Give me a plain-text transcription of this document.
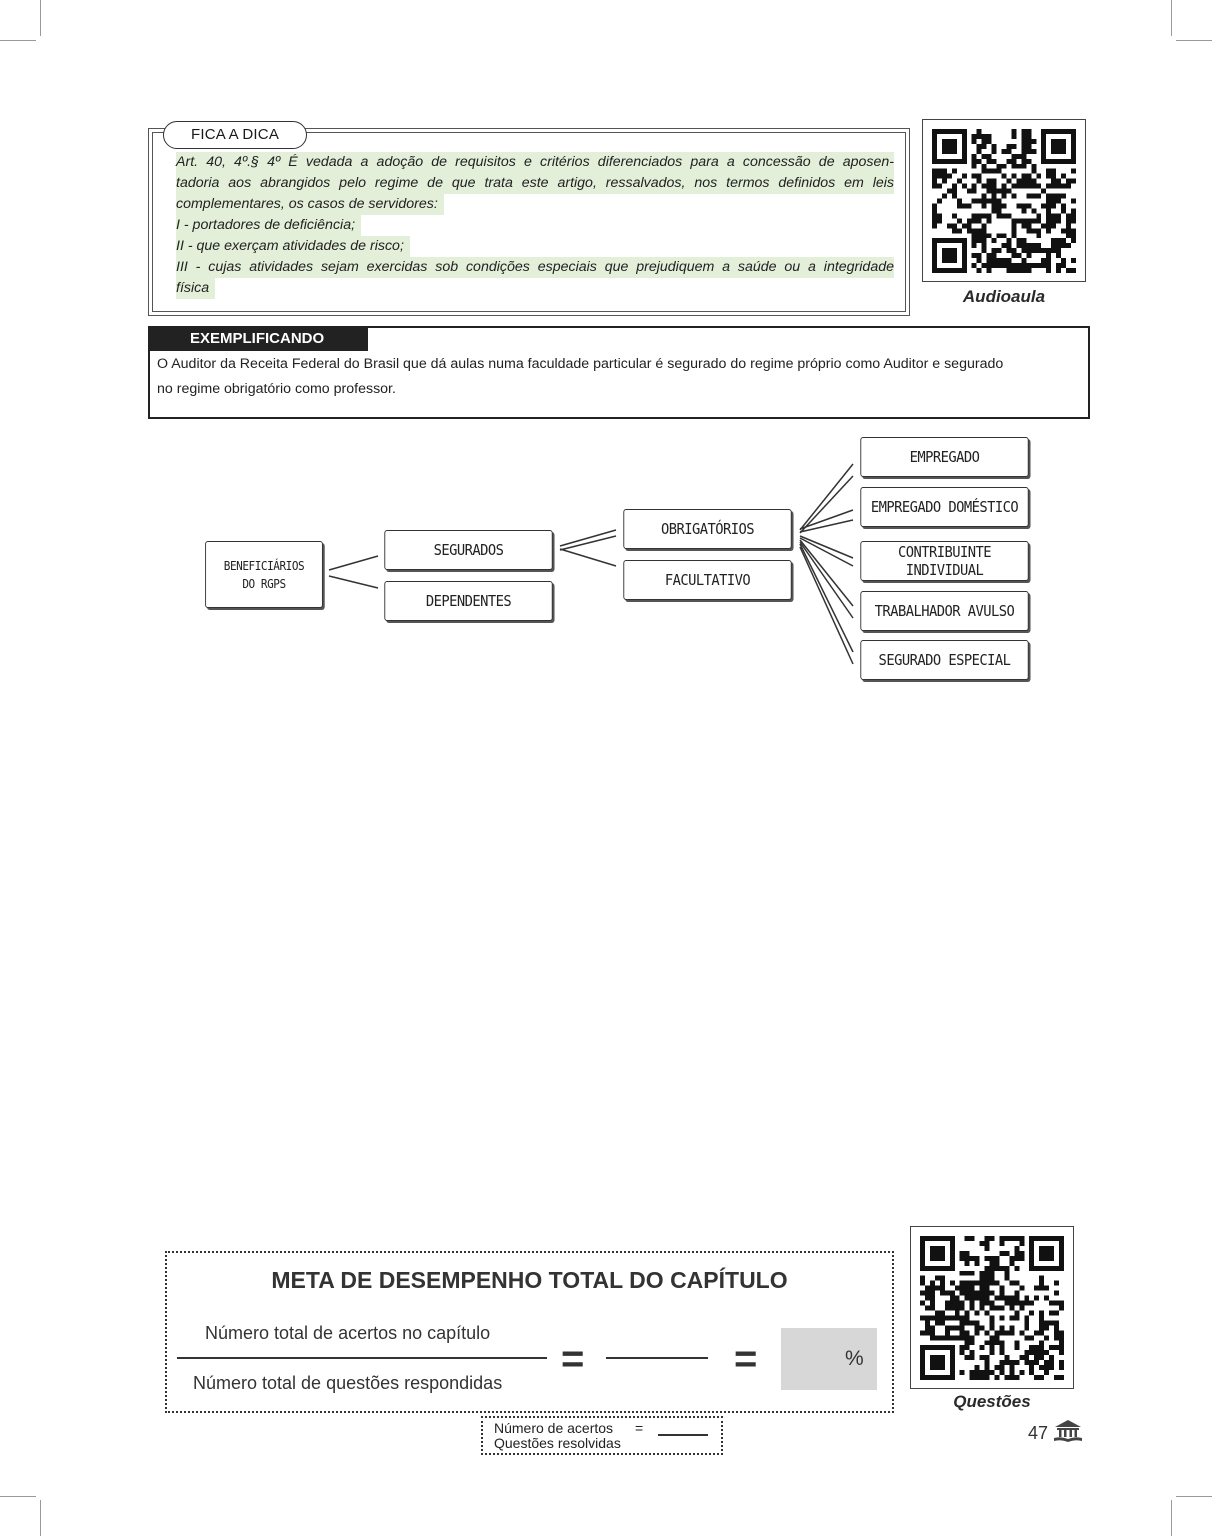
FICA A DICA
Art. 40, 4º.§ 4º É vedada a adoção de requisitos e critérios diferenciados para a concessão de aposen-
tadoria aos abrangidos pelo regime de que trata este artigo, ressalvados, nos termos definidos em leis
complementares, os casos de servidores:
I - portadores de deficiência;
II - que exerçam atividades de risco;
III - cujas atividades sejam exercidas sob condições especiais que prejudiquem a saúde ou a integridade
física	Audioaula
EXEMPLIFICANDO
O Auditor da Receita Federal do Brasil que dá aulas numa faculdade particular é segurado do regime próprio como Auditor e segurado
no regime obrigatório como professor.
BENEFICIÁRIOS
DO RGPS
SEGURADOS
DEPENDENTES
OBRIGATÓRIOS
FACULTATIVO
EMPREGADO
EMPREGADO DOMÉSTICO
CONTRIBUINTE INDIVIDUAL
TRABALHADOR AVULSO
SEGURADO ESPECIAL
META DE DESEMPENHO TOTAL DO CAPÍTULO
Número total de acertos no capítulo
Número total de questões respondidas
=	=	%
Questões
Número de acertos =
Questões resolvidas	47
